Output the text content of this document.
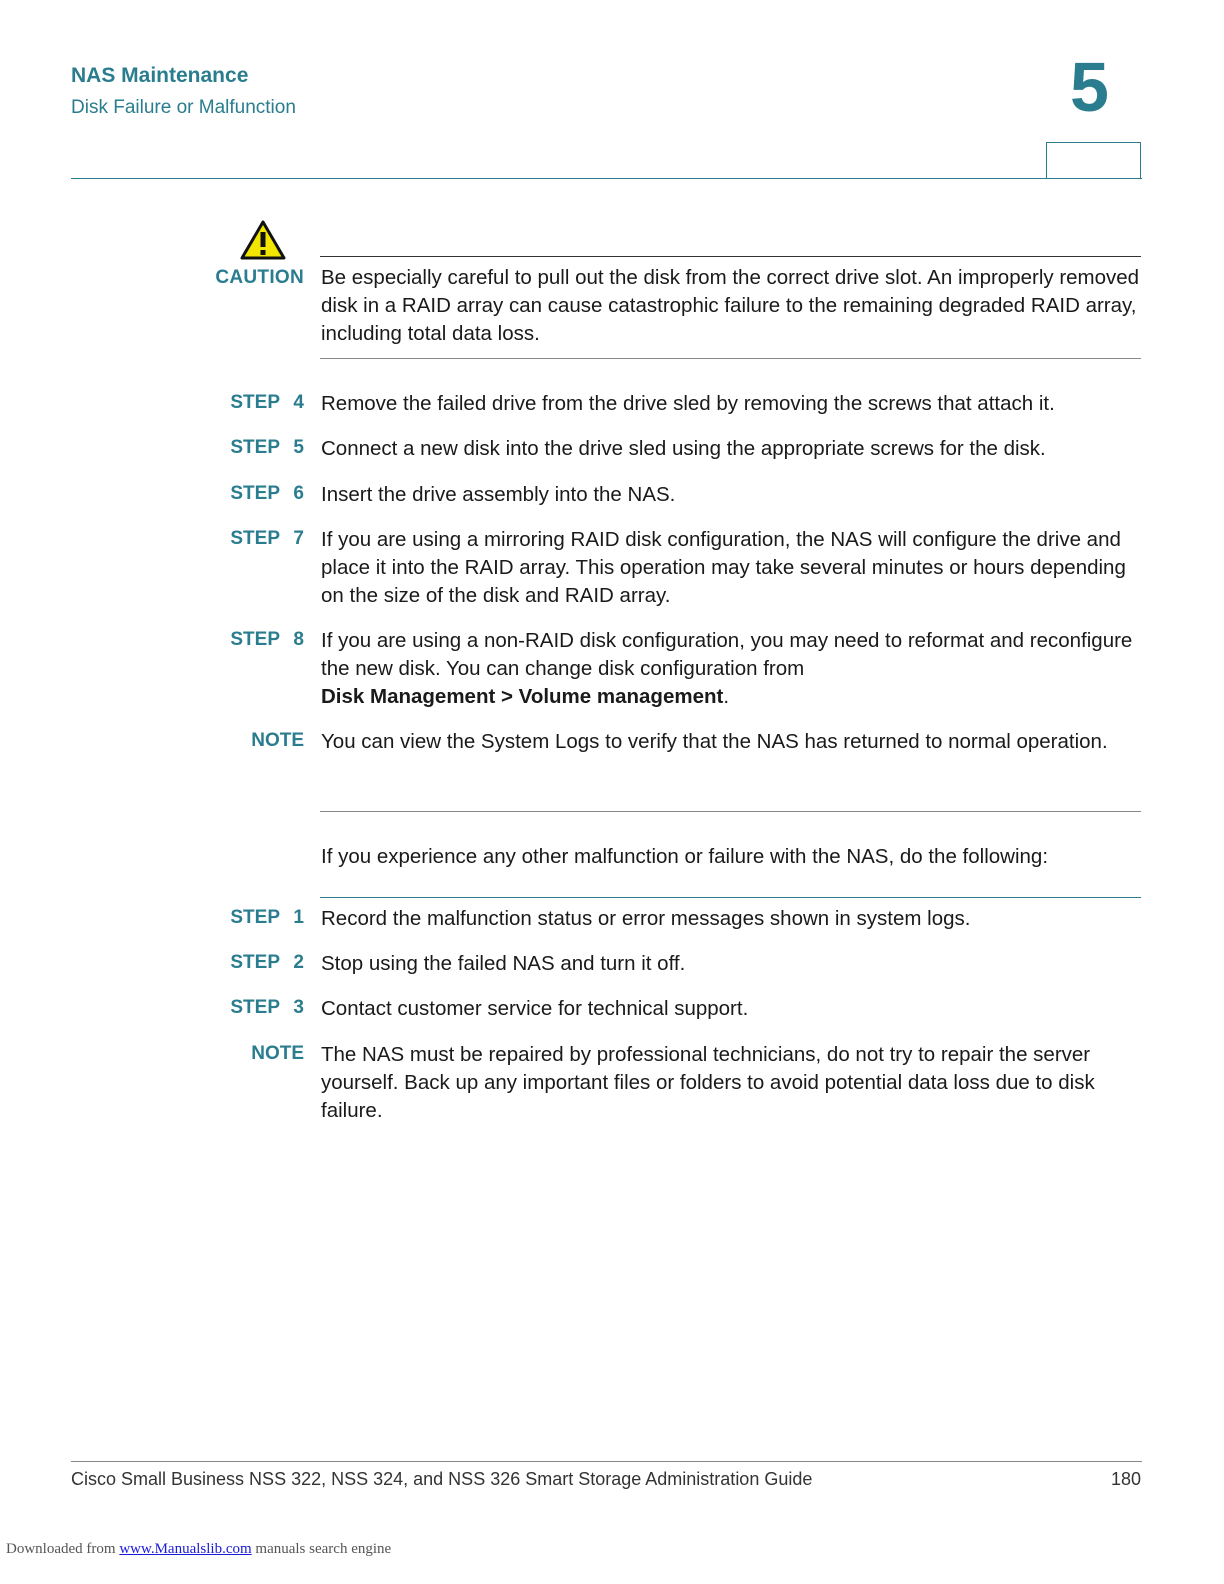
NAS Maintenance
Disk Failure or Malfunction	5
CAUTION Be especially careful to pull out the disk from the correct drive slot. An improperly removed disk in a RAID array can cause catastrophic failure to the remaining degraded RAID array, including total data loss.
STEP 4 Remove the failed drive from the drive sled by removing the screws that attach it.
STEP 5 Connect a new disk into the drive sled using the appropriate screws for the disk.
STEP 6 Insert the drive assembly into the NAS.
STEP 7 If you are using a mirroring RAID disk configuration, the NAS will configure the drive and place it into the RAID array. This operation may take several minutes or hours depending on the size of the disk and RAID array.
STEP 8 If you are using a non-RAID disk configuration, you may need to reformat and reconfigure the new disk. You can change disk configuration from
Disk Management > Volume management.
NOTE You can view the System Logs to verify that the NAS has returned to normal operation.
If you experience any other malfunction or failure with the NAS, do the following:
STEP 1 Record the malfunction status or error messages shown in system logs.
STEP 2 Stop using the failed NAS and turn it off.
STEP 3 Contact customer service for technical support.
NOTE The NAS must be repaired by professional technicians, do not try to repair the server yourself. Back up any important files or folders to avoid potential data loss due to disk failure.
Cisco Small Business NSS 322, NSS 324, and NSS 326 Smart Storage Administration Guide	180
Downloaded from www.Manualslib.com manuals search engine
